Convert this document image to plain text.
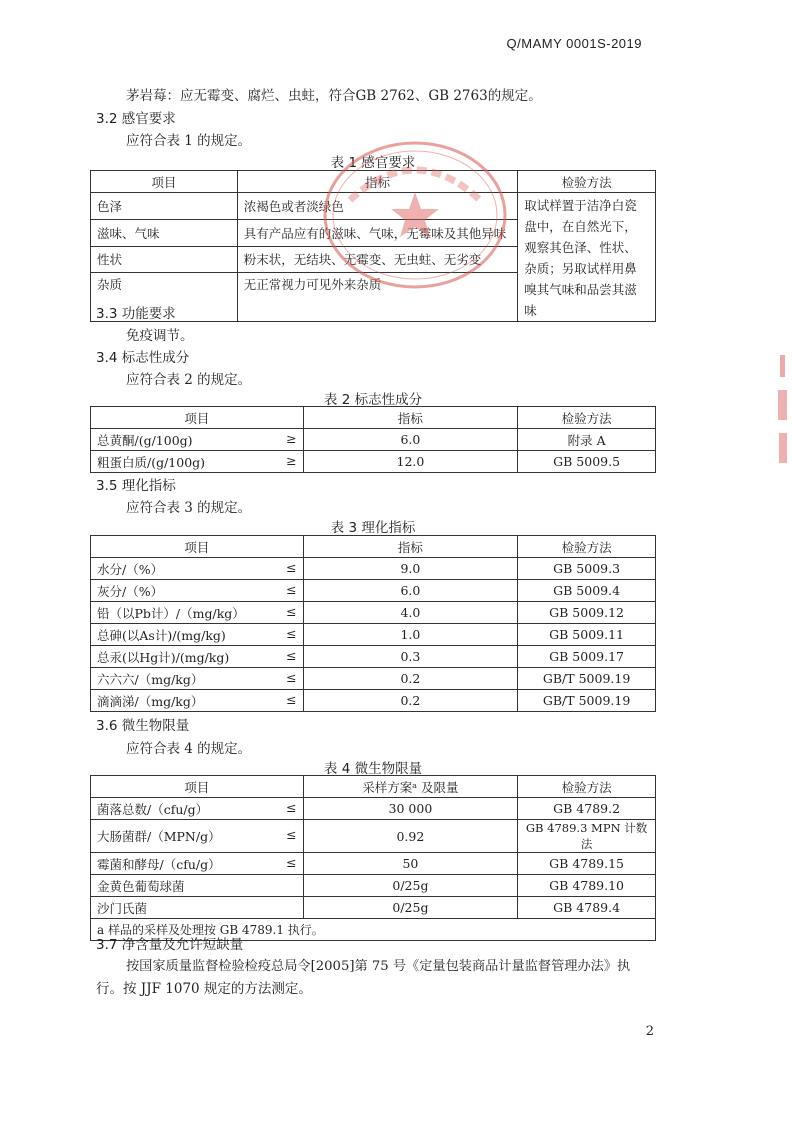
Q/MAMY 0001S-2019
茅岩莓：应无霉变、腐烂、虫蛀，符合GB 2762、GB 2763的规定。
3.2 感官要求
应符合表 1 的规定。
表 1 感官要求
项目	指标	检验方法
色泽	浓褐色或者淡绿色	取试样置于洁净白瓷盘中，在自然光下，观察其色泽、性状、杂质；另取试样用鼻嗅其气味和品尝其滋味
滋味、气味	具有产品应有的滋味、气味，无霉味及其他异味	
性状	粉末状，无结块、无霉变、无虫蛀、无劣变	
杂质	无正常视力可见外来杂质	
3.3 功能要求
免疫调节。
3.4 标志性成分
应符合表 2 的规定。
表 2 标志性成分
项目	指标	检验方法
总黄酮/(g/100g) ≥	6.0	附录 A
粗蛋白质/(g/100g) ≥	12.0	GB 5009.5
3.5 理化指标
应符合表 3 的规定。
表 3 理化指标
项目	指标	检验方法
水分/（%） ≤	9.0	GB 5009.3
灰分/（%） ≤	6.0	GB 5009.4
铅（以Pb计）/（mg/kg） ≤	4.0	GB 5009.12
总砷(以As计)/(mg/kg) ≤	1.0	GB 5009.11
总汞(以Hg计)/(mg/kg) ≤	0.3	GB 5009.17
六六六/（mg/kg） ≤	0.2	GB/T 5009.19
滴滴涕/（mg/kg） ≤	0.2	GB/T 5009.19
3.6 微生物限量
应符合表 4 的规定。
表 4 微生物限量
项目	采样方案ᵃ 及限量	检验方法
菌落总数/（cfu/g） ≤	30 000	GB 4789.2
大肠菌群/（MPN/g） ≤	0.92	GB 4789.3 MPN 计数法
霉菌和酵母/（cfu/g） ≤	50	GB 4789.15
金黄色葡萄球菌	0/25g	GB 4789.10
沙门氏菌	0/25g	GB 4789.4
a 样品的采样及处理按 GB 4789.1 执行。		
3.7 净含量及允许短缺量
按国家质量监督检验检疫总局令[2005]第 75 号《定量包装商品计量监督管理办法》执
行。按 JJF 1070 规定的方法测定。
2
